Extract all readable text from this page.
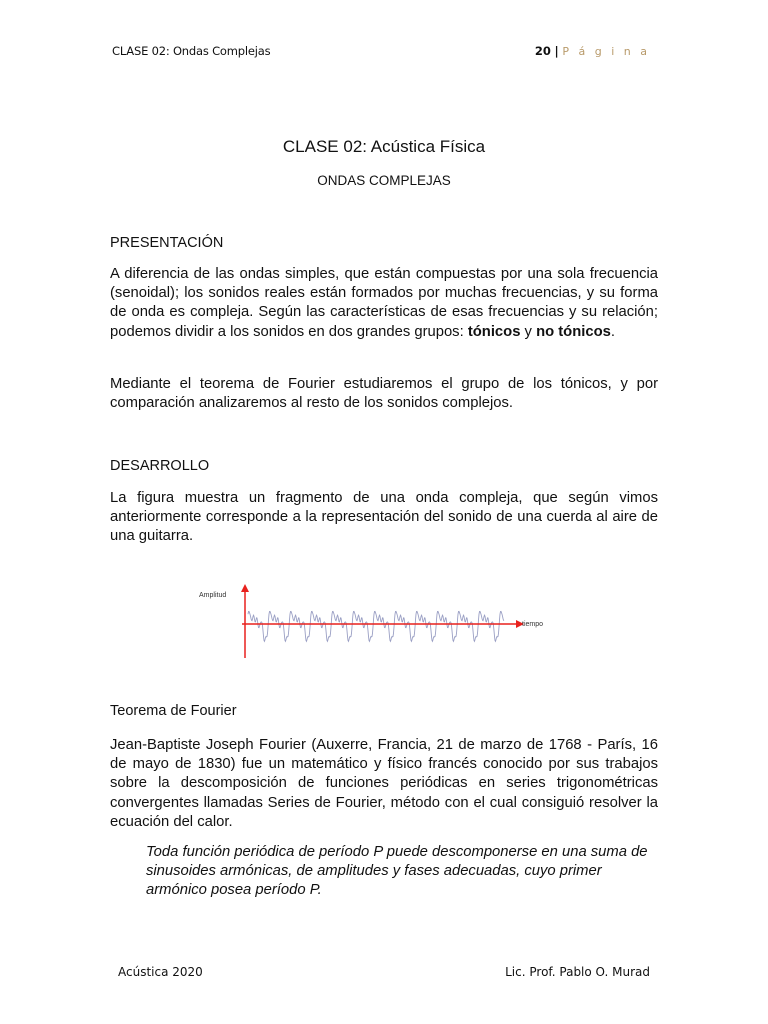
CLASE 02: Ondas Complejas	20 | P á g i n a
CLASE 02: Acústica Física
ONDAS COMPLEJAS
PRESENTACIÓN
A diferencia de las ondas simples, que están compuestas por una sola frecuencia (senoidal); los sonidos reales están formados por muchas frecuencias, y su forma de onda es compleja. Según las características de esas frecuencias y su relación; podemos dividir a los sonidos en dos grandes grupos: tónicos y no tónicos.
Mediante el teorema de Fourier estudiaremos el grupo de los tónicos, y por comparación analizaremos al resto de los sonidos complejos.
DESARROLLO
La figura muestra un fragmento de una onda compleja, que según vimos anteriormente corresponde a la representación del sonido de una cuerda al aire de una guitarra.
Amplitud
tiempo
Teorema de Fourier
Jean-Baptiste Joseph Fourier (Auxerre, Francia, 21 de marzo de 1768 - París, 16 de mayo de 1830) fue un matemático y físico francés conocido por sus trabajos sobre la descomposición de funciones periódicas en series trigonométricas convergentes llamadas Series de Fourier, método con el cual consiguió resolver la ecuación del calor.
Toda función periódica de período P puede descomponerse en una suma de sinusoides armónicas, de amplitudes y fases adecuadas, cuyo primer armónico posea período P.
Acústica 2020	Lic. Prof. Pablo O. Murad
